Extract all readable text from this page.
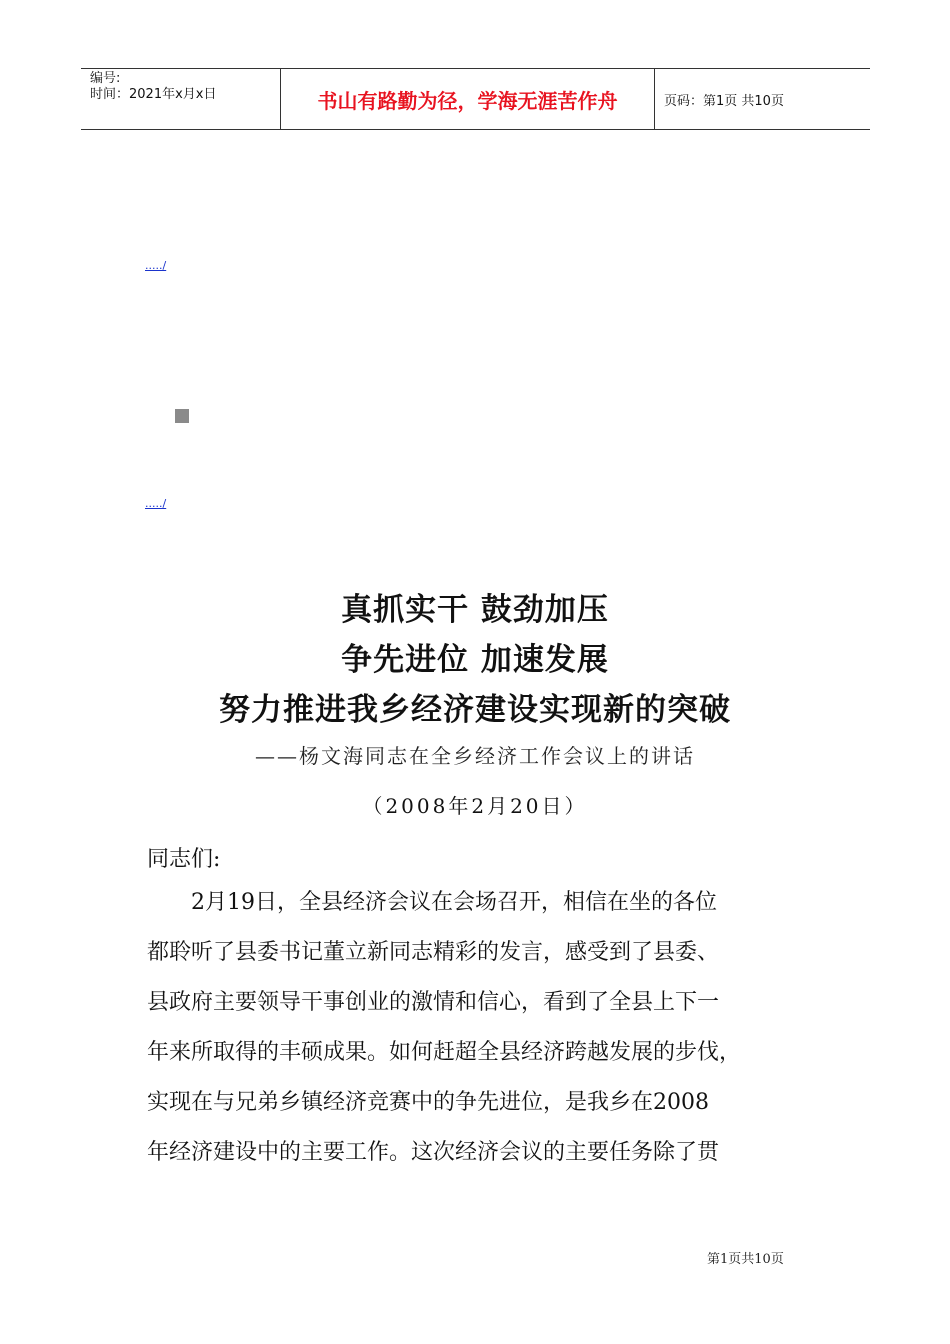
编号:
时间：2021年x月x日	书山有路勤为径，学海无涯苦作舟	页码：第1页 共10页
...../
...../
真抓实干 鼓劲加压
争先进位 加速发展
努力推进我乡经济建设实现新的突破
——杨文海同志在全乡经济工作会议上的讲话
（2008年2月20日）
同志们:
　　2月19日，全县经济会议在会场召开，相信在坐的各位
都聆听了县委书记董立新同志精彩的发言，感受到了县委、
县政府主要领导干事创业的激情和信心，看到了全县上下一
年来所取得的丰硕成果。如何赶超全县经济跨越发展的步伐，
实现在与兄弟乡镇经济竞赛中的争先进位，是我乡在2008
年经济建设中的主要工作。这次经济会议的主要任务除了贯
第1页共10页
